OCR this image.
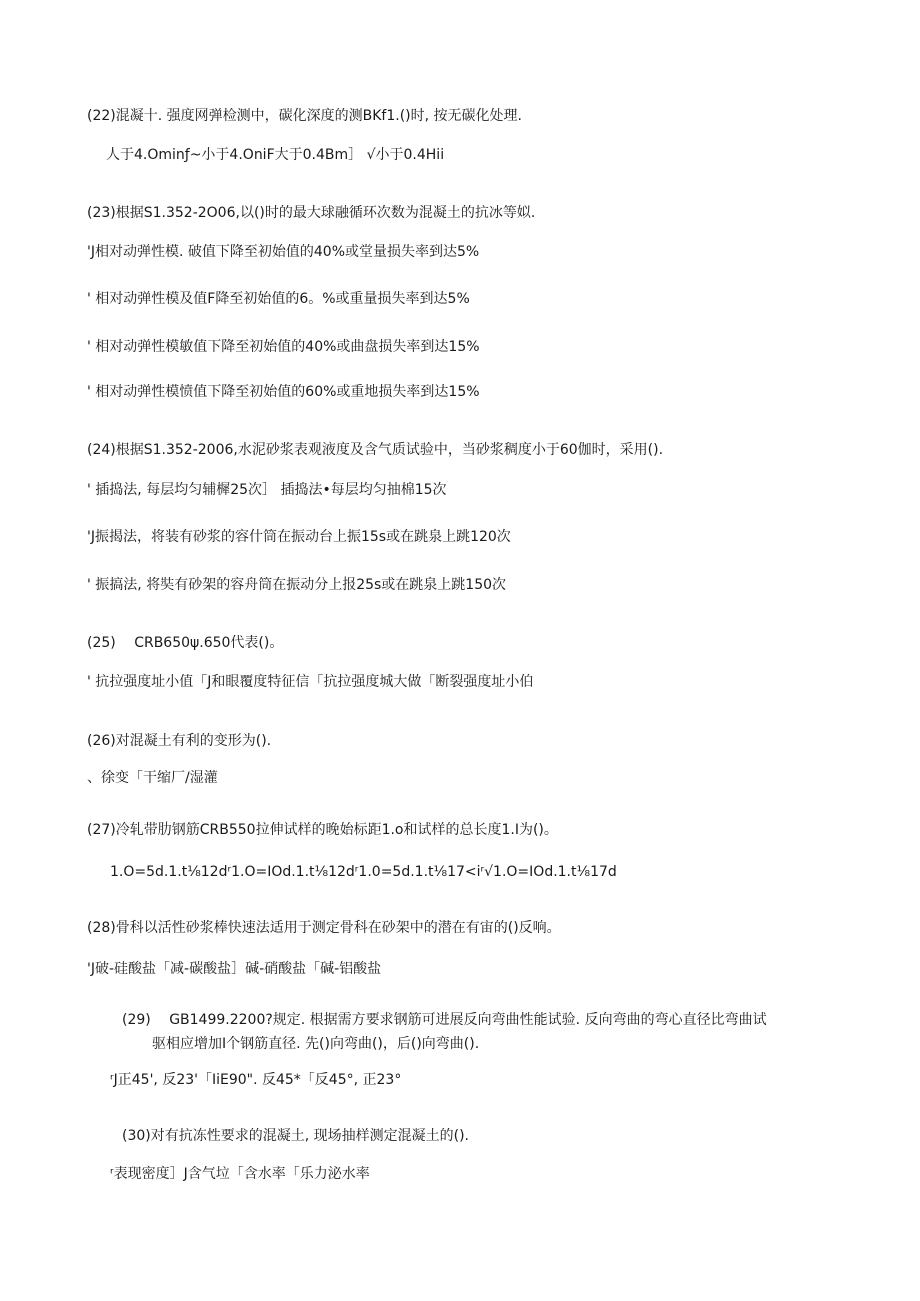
(22)混凝十. 强度网弹检测中，碳化深度的测BKf1.()时, 按无碳化处理.
人于4.Ominƒ~小于4.OniF大于0.4Bm］ √小于0.4Hii
(23)根据S1.352-2O06,以()时的最大球融循环次数为混凝土的抗冰等姒.
'J相对动弹性模. 破值下降至初始值的40%或堂量损失率到达5%
' 相对动弹性模及值F降至初始值的6。%或重量损失率到达5%
' 相对动弹性模敏值下降至初始值的40%或曲盘损失率到达15%
' 相对动弹性模愤值下降至初始值的60%或重地损失率到达15%
(24)根据S1.352-2006,水泥砂浆表观液度及含气质试验中，当砂浆稠度小于60伽时，采用().
' 插捣法, 每层均匀辅樨25次］ 插捣法•每层均匀抽棉15次
'J振揭法，将装有砂浆的容什筒在振动台上振15s或在跳泉上跳120次
' 振搞法, 将奘有砂架的容舟筒在振动分上报25s或在跳泉上跳150次
(25)　 CRB650ψ.650代表()。
' 抗拉强度址小值「J和眼覆度特征信「抗拉强度城大做「断裂强度址小伯
(26)对混凝土有利的变形为().
、徐变「干缩厂/湿灌
(27)冷轧带肋钢筋CRB550拉伸试样的晚始标距1.o和试样的总长度1.I为()。
1.O=5d.1.t⅛12dʳ1.O=IOd.1.t⅛12dʳ1.0=5d.1.t⅛17<iʳ√1.O=IOd.1.t⅛17d
(28)骨科以活性砂浆棒快速法适用于测定骨科在砂架中的潜在有宙的()反响。
'J破-硅酸盐「减-碳酸盐］碱-硝酸盐「碱-铝酸盐
(29)　 GB1499.2200?规定. 根据需方要求钢筋可进展反向弯曲性能试验. 反向弯曲的弯心直径比弯曲试
驱相应增加I个钢筋直径. 先()向弯曲()，后()向弯曲().
ʳJ正45', 反23'「IiE90". 反45*「反45°, 正23°
(30)对有抗冻性要求的混凝土, 现场抽样测定混凝土的().
ʳ表现密度］J含气垃「含水率「乐力泌水率
